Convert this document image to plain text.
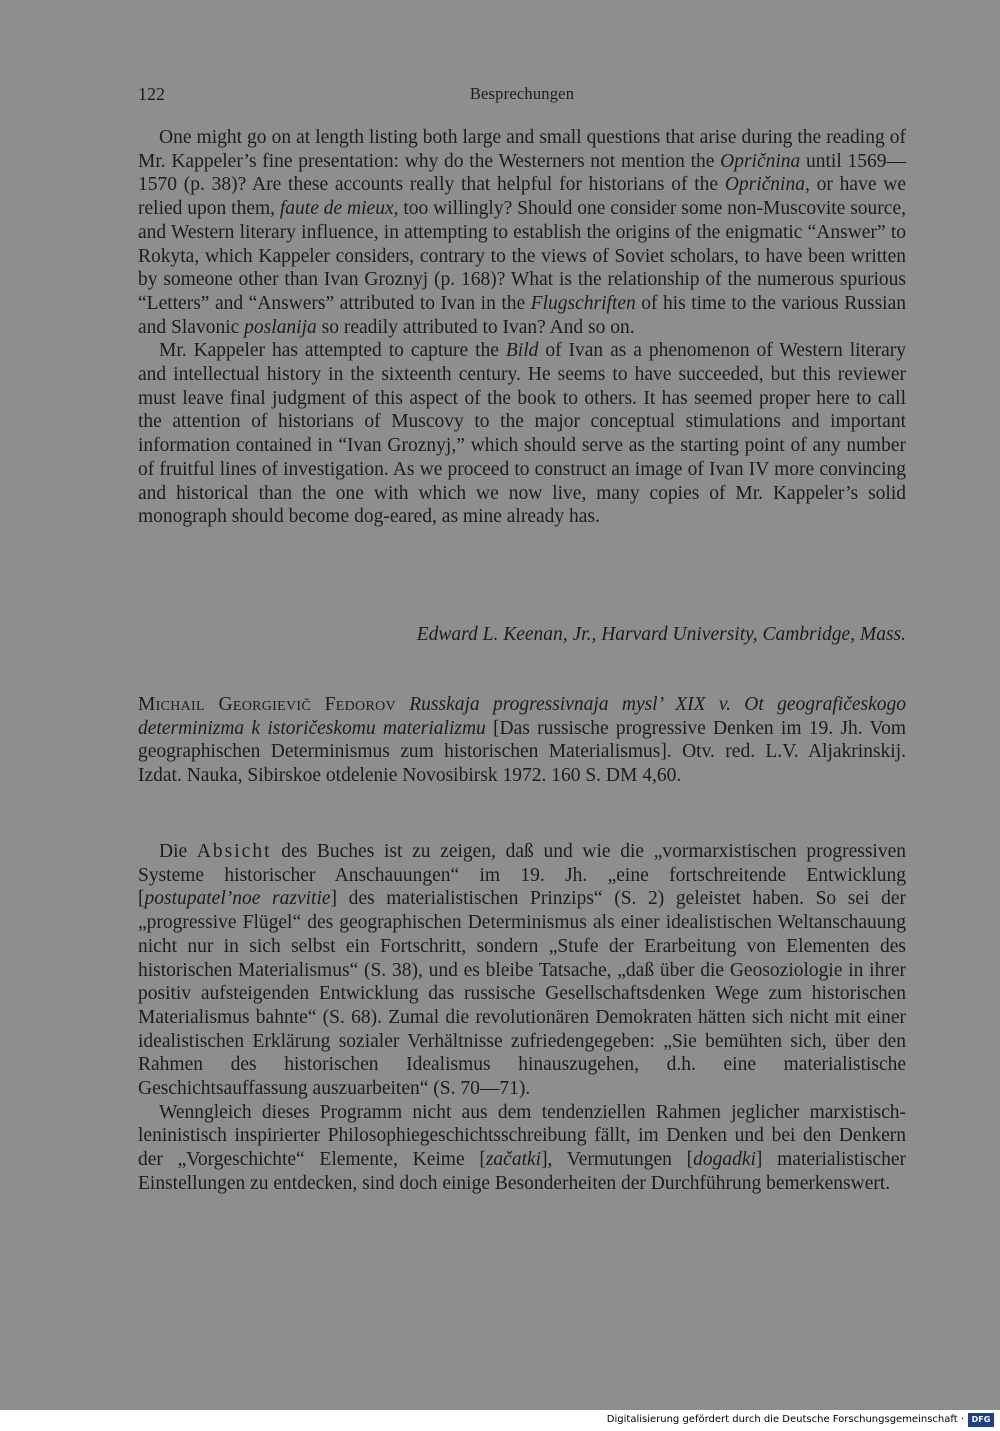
122	Besprechungen

One might go on at length listing both large and small questions that arise during the reading of Mr. Kappeler’s fine presentation: why do the Westerners not mention the Opričnina until 1569—1570 (p. 38)? Are these accounts really that helpful for historians of the Opričnina, or have we relied upon them, faute de mieux, too willingly? Should one consider some non-Muscovite source, and Western literary influence, in attempting to establish the origins of the enigmatic “Answer” to Rokyta, which Kappeler considers, contrary to the views of Soviet scholars, to have been written by someone other than Ivan Groznyj (p. 168)? What is the relationship of the numerous spurious “Letters” and “Answers” attributed to Ivan in the Flugschriften of his time to the various Russian and Slavonic poslanija so readily attributed to Ivan? And so on.

Mr. Kappeler has attempted to capture the Bild of Ivan as a phenomenon of Western literary and intellectual history in the sixteenth century. He seems to have succeeded, but this reviewer must leave final judgment of this aspect of the book to others. It has seemed proper here to call the attention of historians of Muscovy to the major conceptual stimulations and important information contained in “Ivan Groznyj,” which should serve as the starting point of any number of fruitful lines of investigation. As we proceed to construct an image of Ivan IV more convincing and historical than the one with which we now live, many copies of Mr. Kappeler’s solid monograph should become dog-eared, as mine already has.

Edward L. Keenan, Jr., Harvard University, Cambridge, Mass.
Michail Georgievič Fedorov Russkaja progressivnaja mysl’ XIX v. Ot geografičeskogo determinizma k istoričeskomu materializmu [Das russische progressive Denken im 19. Jh. Vom geographischen Determinismus zum historischen Materialismus]. Otv. red. L.V. Aljakrinskij. Izdat. Nauka, Sibirskoe otdelenie Novosibirsk 1972. 160 S. DM 4,60.

Die Absicht des Buches ist zu zeigen, daß und wie die „vormarxistischen progressiven Systeme historischer Anschauungen“ im 19. Jh. „eine fortschreitende Entwicklung [postupatel’noe razvitie] des materialistischen Prinzips“ (S. 2) geleistet haben. So sei der „progressive Flügel“ des geographischen Determinismus als einer idealistischen Weltanschauung nicht nur in sich selbst ein Fortschritt, sondern „Stufe der Erarbeitung von Elementen des historischen Materialismus“ (S. 38), und es bleibe Tatsache, „daß über die Geosoziologie in ihrer positiv aufsteigenden Entwicklung das russische Gesellschaftsdenken Wege zum historischen Materialismus bahnte“ (S. 68). Zumal die revolutionären Demokraten hätten sich nicht mit einer idealistischen Erklärung sozialer Verhältnisse zufriedengegeben: „Sie bemühten sich, über den Rahmen des historischen Idealismus hinauszugehen, d.h. eine materialistische Geschichtsauffassung auszuarbeiten“ (S. 70—71).

Wenngleich dieses Programm nicht aus dem tendenziellen Rahmen jeglicher marxistisch-leninistisch inspirierter Philosophiegeschichtsschreibung fällt, im Denken und bei den Denkern der „Vorgeschichte“ Elemente, Keime [začatki], Vermutungen [dogadki] materialistischer Einstellungen zu entdecken, sind doch einige Besonderheiten der Durchführung bemerkenswert.

Digitalisierung gefördert durch die Deutsche Forschungsgemeinschaft · DFG
